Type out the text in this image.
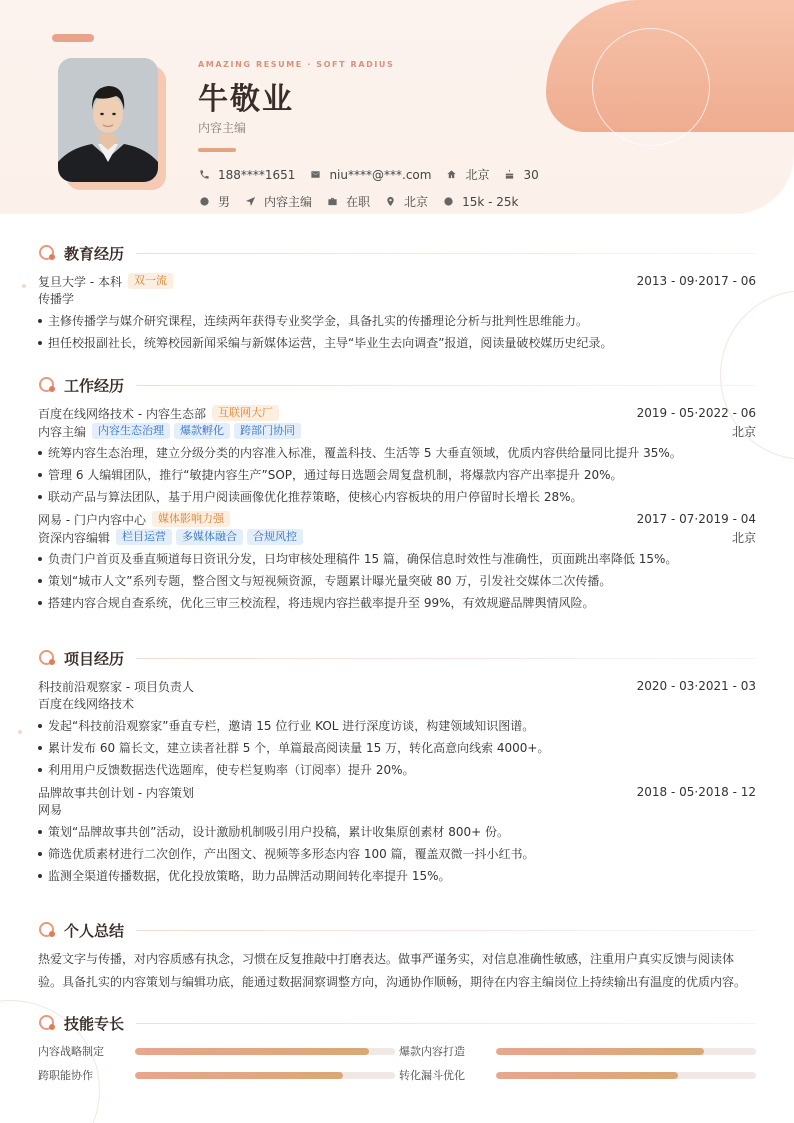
AMAZING RESUME · SOFT RADIUS
牛敬业
内容主编
188****1651	niu****@***.com	北京	30
男	内容主编	在职	北京	15k - 25k
教育经历
复旦大学 - 本科	双一流	2013 - 09·2017 - 06
传播学
主修传播学与媒介研究课程，连续两年获得专业奖学金，具备扎实的传播理论分析与批判性思维能力。
担任校报副社长，统筹校园新闻采编与新媒体运营，主导“毕业生去向调查”报道，阅读量破校媒历史纪录。
工作经历
百度在线网络技术 - 内容生态部	互联网大厂	2019 - 05·2022 - 06
内容主编	内容生态治理	爆款孵化	跨部门协同	北京
统筹内容生态治理，建立分级分类的内容准入标准，覆盖科技、生活等 5 大垂直领域，优质内容供给量同比提升 35%。
管理 6 人编辑团队，推行“敏捷内容生产”SOP，通过每日选题会周复盘机制，将爆款内容产出率提升 20%。
联动产品与算法团队，基于用户阅读画像优化推荐策略，使核心内容板块的用户停留时长增长 28%。
网易 - 门户内容中心	媒体影响力强	2017 - 07·2019 - 04
资深内容编辑	栏目运营	多媒体融合	合规风控	北京
负责门户首页及垂直频道每日资讯分发，日均审核处理稿件 15 篇，确保信息时效性与准确性，页面跳出率降低 15%。
策划“城市人文”系列专题，整合图文与短视频资源，专题累计曝光量突破 80 万，引发社交媒体二次传播。
搭建内容合规自查系统，优化三审三校流程，将违规内容拦截率提升至 99%，有效规避品牌舆情风险。
项目经历
科技前沿观察家 - 项目负责人	2020 - 03·2021 - 03
百度在线网络技术
发起“科技前沿观察家”垂直专栏，邀请 15 位行业 KOL 进行深度访谈，构建领域知识图谱。
累计发布 60 篇长文，建立读者社群 5 个，单篇最高阅读量 15 万，转化高意向线索 4000+。
利用用户反馈数据迭代选题库，使专栏复购率（订阅率）提升 20%。
品牌故事共创计划 - 内容策划	2018 - 05·2018 - 12
网易
策划“品牌故事共创”活动，设计激励机制吸引用户投稿，累计收集原创素材 800+ 份。
筛选优质素材进行二次创作，产出图文、视频等多形态内容 100 篇，覆盖双微一抖小红书。
监测全渠道传播数据，优化投放策略，助力品牌活动期间转化率提升 15%。
个人总结
热爱文字与传播，对内容质感有执念，习惯在反复推敲中打磨表达。做事严谨务实，对信息准确性敏感，注重用户真实反馈与阅读体
验。具备扎实的内容策划与编辑功底，能通过数据洞察调整方向，沟通协作顺畅，期待在内容主编岗位上持续输出有温度的优质内容。
技能专长
内容战略制定	爆款内容打造
跨职能协作	转化漏斗优化
